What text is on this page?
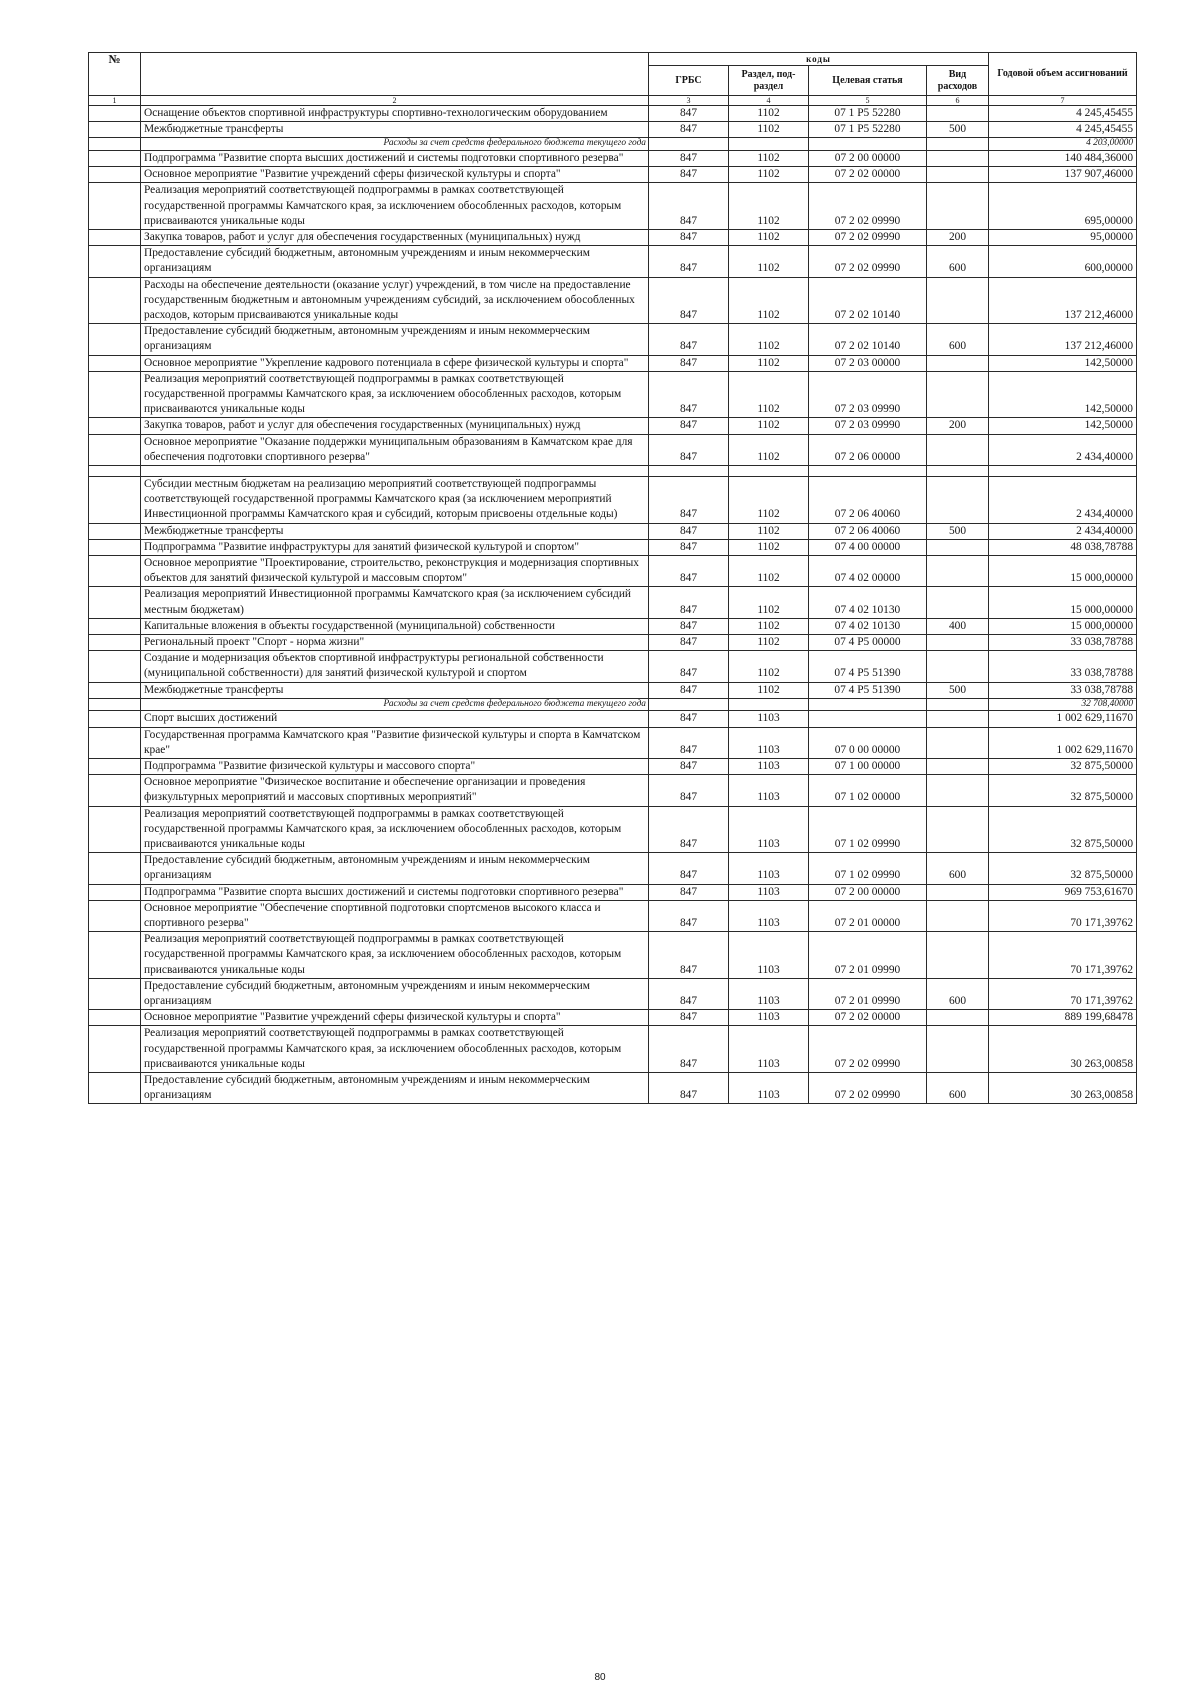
№		коды				Годовой объем ассигнований
		ГРБС	Раздел, под-раздел	Целевая статья	Вид расходов	
1	2	3	4	5	6	7
	Оснащение объектов спортивной инфраструктуры спортивно-технологическим оборудованием	847	1102	07 1 P5 52280		4 245,45455
	Межбюджетные трансферты	847	1102	07 1 P5 52280	500	4 245,45455
	Расходы за счет средств федерального бюджета текущего года					4 203,00000
	Подпрограмма "Развитие спорта высших достижений и системы подготовки спортивного резерва"	847	1102	07 2 00 00000		140 484,36000
	Основное мероприятие "Развитие учреждений сферы физической культуры и спорта"	847	1102	07 2 02 00000		137 907,46000
	Реализация мероприятий соответствующей подпрограммы в рамках соответствующей государственной программы Камчатского края, за исключением обособленных расходов, которым присваиваются уникальные коды	847	1102	07 2 02 09990		695,00000
	Закупка товаров, работ и услуг для обеспечения государственных (муниципальных) нужд	847	1102	07 2 02 09990	200	95,00000
	Предоставление субсидий бюджетным, автономным учреждениям и иным некоммерческим организациям	847	1102	07 2 02 09990	600	600,00000
	Расходы на обеспечение деятельности (оказание услуг) учреждений, в том числе на предоставление государственным бюджетным и автономным учреждениям субсидий, за исключением обособленных расходов, которым присваиваются уникальные коды	847	1102	07 2 02 10140		137 212,46000
	Предоставление субсидий бюджетным, автономным учреждениям и иным некоммерческим организациям	847	1102	07 2 02 10140	600	137 212,46000
	Основное мероприятие "Укрепление кадрового потенциала в сфере физической культуры и спорта"	847	1102	07 2 03 00000		142,50000
	Реализация мероприятий соответствующей подпрограммы в рамках соответствующей государственной программы Камчатского края, за исключением обособленных расходов, которым присваиваются уникальные коды	847	1102	07 2 03 09990		142,50000
	Закупка товаров, работ и услуг для обеспечения государственных (муниципальных) нужд	847	1102	07 2 03 09990	200	142,50000
	Основное мероприятие "Оказание поддержки муниципальным образованиям в Камчатском крае для обеспечения подготовки спортивного резерва"	847	1102	07 2 06 00000		2 434,40000

	Субсидии местным бюджетам на реализацию мероприятий соответствующей подпрограммы соответствующей государственной программы Камчатского края (за исключением мероприятий Инвестиционной программы Камчатского края и субсидий, которым присвоены отдельные коды)	847	1102	07 2 06 40060		2 434,40000
	Межбюджетные трансферты	847	1102	07 2 06 40060	500	2 434,40000
	Подпрограмма "Развитие инфраструктуры для занятий физической культурой и спортом"	847	1102	07 4 00 00000		48 038,78788
	Основное мероприятие "Проектирование, строительство, реконструкция и модернизация спортивных объектов для занятий физической культурой и массовым спортом"	847	1102	07 4 02 00000		15 000,00000
	Реализация мероприятий Инвестиционной программы Камчатского края (за исключением субсидий местным бюджетам)	847	1102	07 4 02 10130		15 000,00000
	Капитальные вложения в объекты государственной (муниципальной) собственности	847	1102	07 4 02 10130	400	15 000,00000
	Региональный проект "Спорт - норма жизни"	847	1102	07 4 P5 00000		33 038,78788
	Создание и модернизация объектов спортивной инфраструктуры региональной собственности (муниципальной собственности) для занятий физической культурой и спортом	847	1102	07 4 P5 51390		33 038,78788
	Межбюджетные трансферты	847	1102	07 4 P5 51390	500	33 038,78788
	Расходы за счет средств федерального бюджета текущего года					32 708,40000
	Спорт высших достижений	847	1103			1 002 629,11670
	Государственная программа Камчатского края "Развитие физической культуры и спорта в Камчатском крае"	847	1103	07 0 00 00000		1 002 629,11670
	Подпрограмма "Развитие физической культуры и массового спорта"	847	1103	07 1 00 00000		32 875,50000
	Основное мероприятие "Физическое воспитание и обеспечение организации и проведения физкультурных мероприятий и массовых спортивных мероприятий"	847	1103	07 1 02 00000		32 875,50000
	Реализация мероприятий соответствующей подпрограммы в рамках соответствующей государственной программы Камчатского края, за исключением обособленных расходов, которым присваиваются уникальные коды	847	1103	07 1 02 09990		32 875,50000
	Предоставление субсидий бюджетным, автономным учреждениям и иным некоммерческим организациям	847	1103	07 1 02 09990	600	32 875,50000
	Подпрограмма "Развитие спорта высших достижений и системы подготовки спортивного резерва"	847	1103	07 2 00 00000		969 753,61670
	Основное мероприятие "Обеспечение спортивной подготовки спортсменов высокого класса и спортивного резерва"	847	1103	07 2 01 00000		70 171,39762
	Реализация мероприятий соответствующей подпрограммы в рамках соответствующей государственной программы Камчатского края, за исключением обособленных расходов, которым присваиваются уникальные коды	847	1103	07 2 01 09990		70 171,39762
	Предоставление субсидий бюджетным, автономным учреждениям и иным некоммерческим организациям	847	1103	07 2 01 09990	600	70 171,39762
	Основное мероприятие "Развитие учреждений сферы физической культуры и спорта"	847	1103	07 2 02 00000		889 199,68478
	Реализация мероприятий соответствующей подпрограммы в рамках соответствующей государственной программы Камчатского края, за исключением обособленных расходов, которым присваиваются уникальные коды	847	1103	07 2 02 09990		30 263,00858
	Предоставление субсидий бюджетным, автономным учреждениям и иным некоммерческим организациям	847	1103	07 2 02 09990	600	30 263,00858
80
